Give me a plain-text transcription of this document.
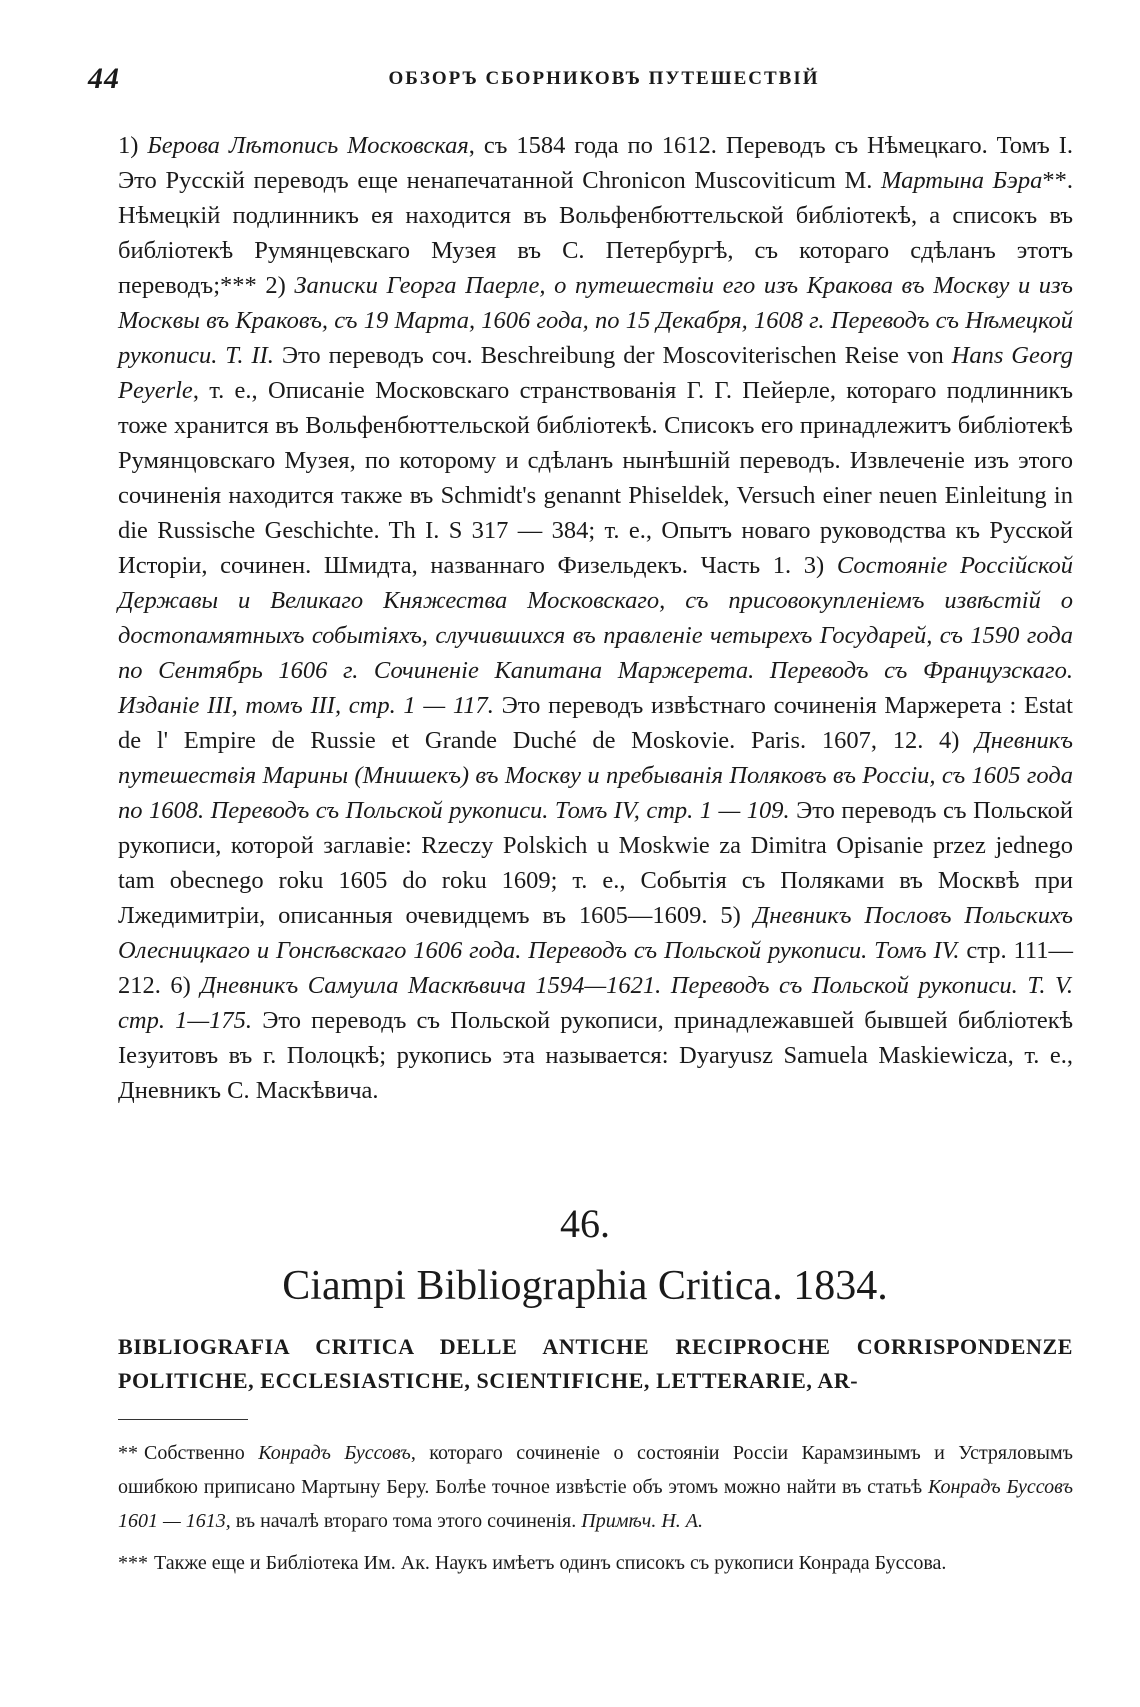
44	ОБЗОРЪ СБОРНИКОВЪ ПУТЕШЕСТВІЙ

1) Берова Лѣтопись Московская, съ 1584 года по 1612. Переводъ съ Нѣмецкаго. Томъ I. Это Русскій переводъ еще ненапечатанной Chronicon Muscoviticum М. Мартына Бэра**. Нѣмецкій подлинникъ ея находится въ Вольфенбюттельской библіотекѣ, а списокъ въ библіотекѣ Румянцевскаго Музея въ С. Петербургѣ, съ котораго сдѣланъ этотъ переводъ;*** 2) Записки Георга Паерле, о путешествіи его изъ Кракова въ Москву и изъ Москвы въ Краковъ, съ 19 Марта, 1606 года, по 15 Декабря, 1608 г. Переводъ съ Нѣмецкой рукописи. Т. II. Это переводъ соч. Beschreibung der Moscoviterischen Reise von Hans Georg Peyerle, т. е., Описаніе Московскаго странствованія Г. Г. Пейерле, котораго подлинникъ тоже хранится въ Вольфенбюттельской библіотекѣ. Списокъ его принадлежитъ библіотекѣ Румянцовскаго Музея, по которому и сдѣланъ нынѣшній переводъ. Извлеченіе изъ этого сочиненія находится также въ Schmidt's genannt Phiseldek, Versuch einer neuen Einleitung in die Russische Geschichte. Th I. S 317 — 384; т. е., Опытъ новаго руководства къ Русской Исторіи, сочинен. Шмидта, названнаго Физельдекъ. Часть 1. 3) Состояніе Россійской Державы и Великаго Княжества Московскаго, съ присовокупленіемъ извѣстій о достопамятныхъ событіяхъ, случившихся въ правленіе четырехъ Государей, съ 1590 года по Сентябрь 1606 г. Сочиненіе Капитана Маржерета. Переводъ съ Французскаго. Изданіе III, томъ III, стр. 1 — 117. Это переводъ извѣстнаго сочиненія Маржерета : Estat de l' Empire de Russie et Grande Duché de Moskovie. Paris. 1607, 12. 4) Дневникъ путешествія Марины (Мнишекъ) въ Москву и пребыванія Поляковъ въ Россіи, съ 1605 года по 1608. Переводъ съ Польской рукописи. Томъ IV, стр. 1 — 109. Это переводъ съ Польской рукописи, которой заглавіе: Rzeczy Polskich u Moskwie za Dimitra Opisanie przez jednego tam obecnego roku 1605 do roku 1609; т. е., Событія съ Поляками въ Москвѣ при Лжедимитріи, описанныя очевидцемъ въ 1605—1609. 5) Дневникъ Пословъ Польскихъ Олесницкаго и Гонсѣвскаго 1606 года. Переводъ съ Польской рукописи. Томъ IV. стр. 111—212. 6) Дневникъ Самуила Маскѣвича 1594—1621. Переводъ съ Польской рукописи. Т. V. стр. 1—175. Это переводъ съ Польской рукописи, принадлежавшей бывшей библіотекѣ Іезуитовъ въ г. Полоцкѣ; рукопись эта называется: Dyaryusz Samuela Maskiewicza, т. е., Дневникъ С. Маскѣвича.

46.
Ciampi Bibliographia Critica. 1834.

BIBLIOGRAFIA CRITICA DELLE ANTICHE RECIPROCHE CORRISPONDENZE POLITICHE, ECCLESIASTICHE, SCIENTIFICHE, LETTERARIE, AR-

** Собственно Конрадъ Буссовъ, котораго сочиненіе о состояніи Россіи Карамзинымъ и Устряловымъ ошибкою приписано Мартыну Беру. Болѣе точное извѣстіе объ этомъ можно найти въ статьѣ Конрадъ Буссовъ 1601 — 1613, въ началѣ втораго тома этого сочиненія. Примѣч. Н. А.

*** Также еще и Библіотека Им. Ак. Наукъ имѣетъ одинъ списокъ съ рукописи Конрада Буссова.
